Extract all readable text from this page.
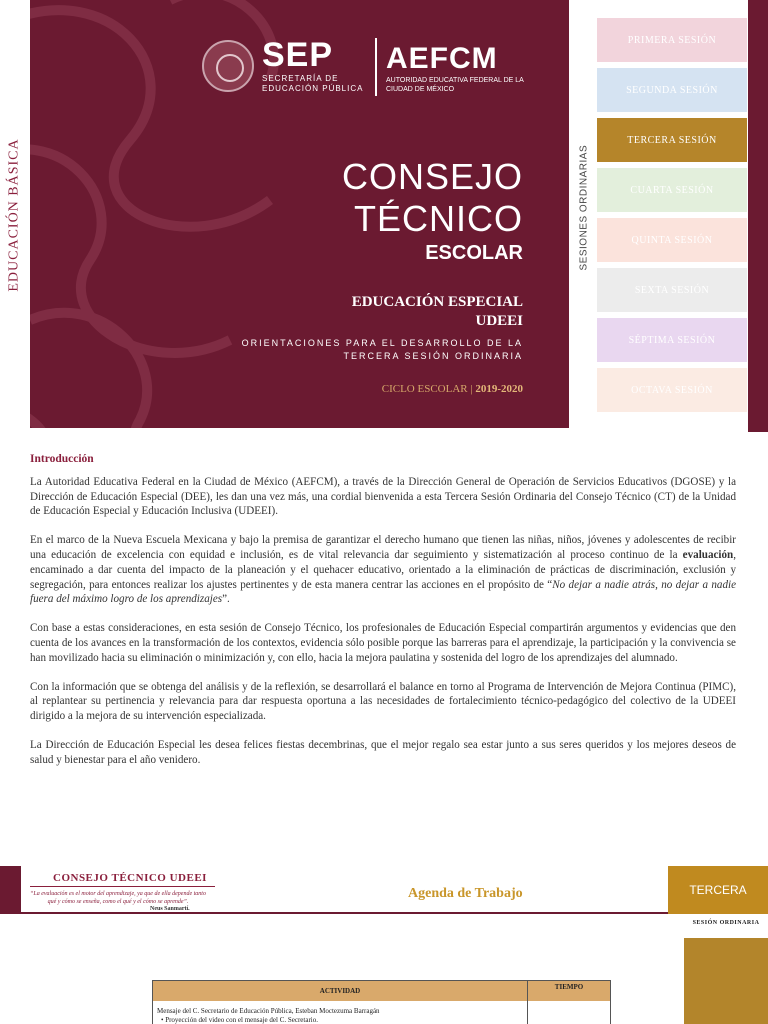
SEP
SECRETARÍA DE EDUCACIÓN PÚBLICA
AEFCM
AUTORIDAD EDUCATIVA FEDERAL DE LA CIUDAD DE MÉXICO
CONSEJO
TÉCNICO
ESCOLAR
EDUCACIÓN ESPECIAL
UDEEI
ORIENTACIONES PARA EL DESARROLLO DE LA TERCERA SESIÓN ORDINARIA
CICLO ESCOLAR | 2019-2020
EDUCACIÓN BÁSICA	SESIONES ORDINARIAS
PRIMERA SESIÓN
SEGUNDA SESIÓN
TERCERA SESIÓN
CUARTA SESIÓN
QUINTA SESIÓN
SEXTA SESIÓN
SÉPTIMA SESIÓN
OCTAVA SESIÓN
Introducción

La Autoridad Educativa Federal en la Ciudad de México (AEFCM), a través de la Dirección General de Operación de Servicios Educativos (DGOSE) y la Dirección de Educación Especial (DEE), les dan una vez más, una cordial bienvenida a esta Tercera Sesión Ordinaria del Consejo Técnico (CT) de la Unidad de Educación Especial y Educación Inclusiva (UDEEI).

En el marco de la Nueva Escuela Mexicana y bajo la premisa de garantizar el derecho humano que tienen las niñas, niños, jóvenes y adolescentes de recibir una educación de excelencia con equidad e inclusión, es de vital relevancia dar seguimiento y sistematización al proceso continuo de la evaluación, encaminado a dar cuenta del impacto de la planeación y el quehacer educativo, orientado a la eliminación de prácticas de discriminación, exclusión y segregación, para entonces realizar los ajustes pertinentes y de esta manera centrar las acciones en el propósito de “No dejar a nadie atrás, no dejar a nadie fuera del máximo logro de los aprendizajes”.

Con base a estas consideraciones, en esta sesión de Consejo Técnico, los profesionales de Educación Especial compartirán argumentos y evidencias que den cuenta de los avances en la transformación de los contextos, evidencia sólo posible porque las barreras para el aprendizaje, la participación y la convivencia se han movilizado hacia su eliminación o minimización y, con ello, hacia la mejora paulatina y sostenida del logro de los aprendizajes del alumnado.

Con la información que se obtenga del análisis y de la reflexión, se desarrollará el balance en torno al Programa de Intervención de Mejora Continua (PIMC), al replantear su pertinencia y relevancia para dar respuesta oportuna a las necesidades de fortalecimiento técnico-pedagógico del colectivo de la UDEEI dirigido a la mejora de su intervención especializada.

La Dirección de Educación Especial les desea felices fiestas decembrinas, que el mejor regalo sea estar junto a sus seres queridos y los mejores deseos de salud y bienestar para el año venidero.

CONSEJO TÉCNICO UDEEI
“La evaluación es el motor del aprendizaje, ya que de ella depende tanto qué y cómo se enseña, como el qué y el cómo se aprende”.
Neus Sanmartí.
Agenda de Trabajo	TERCERA
SESIÓN ORDINARIA
ACTIVIDAD	TIEMPO
Mensaje del C. Secretario de Educación Pública, Esteban Moctezuma Barragán
• Proyección del video con el mensaje del C. Secretario.
